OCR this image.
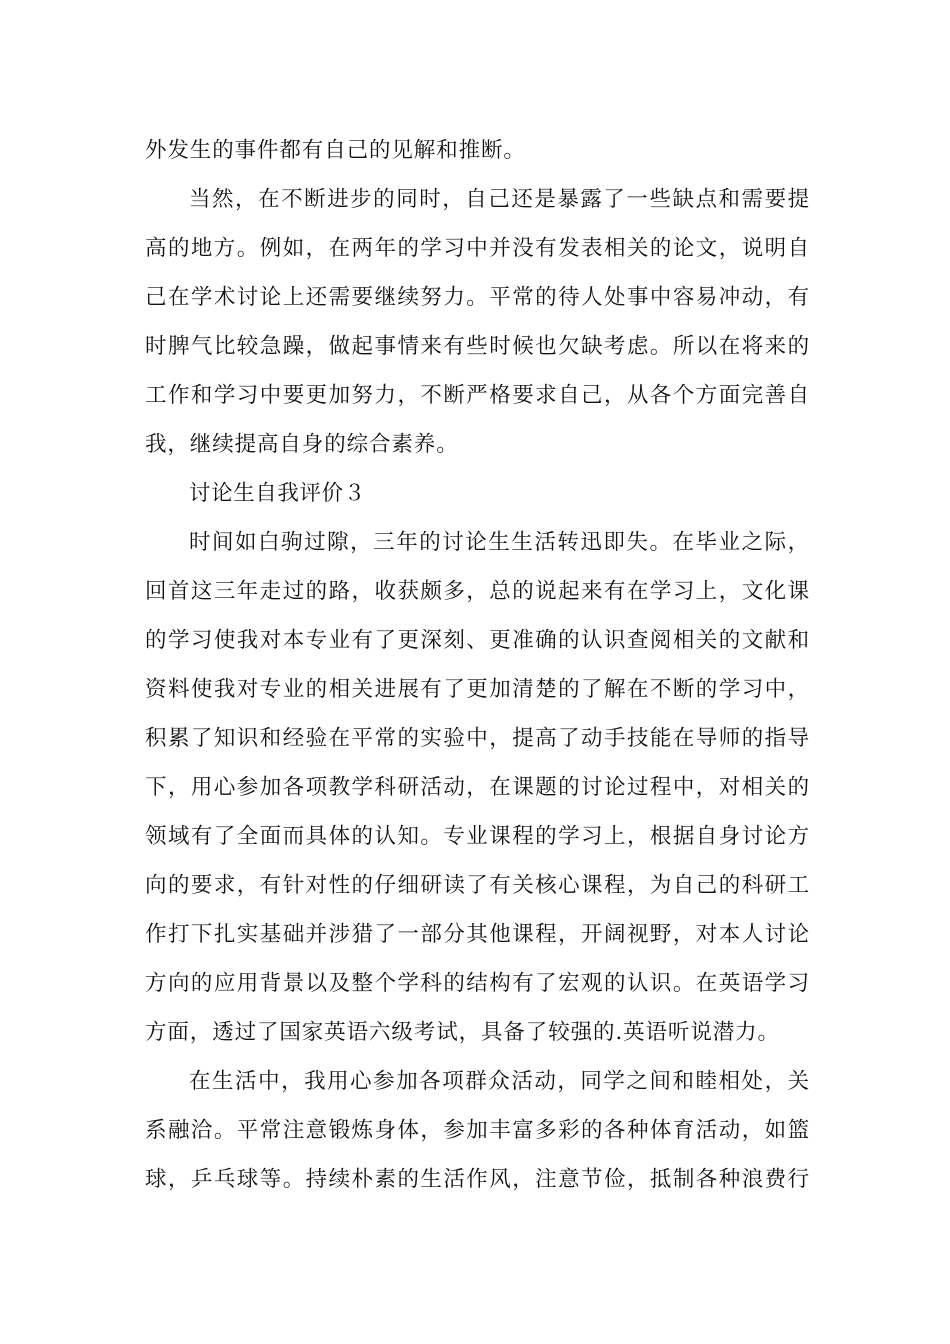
外发生的事件都有自己的见解和推断。
当然，在不断进步的同时，自己还是暴露了一些缺点和需要提
高的地方。例如，在两年的学习中并没有发表相关的论文，说明自
己在学术讨论上还需要继续努力。平常的待人处事中容易冲动，有
时脾气比较急躁，做起事情来有些时候也欠缺考虑。所以在将来的
工作和学习中要更加努力，不断严格要求自己，从各个方面完善自
我，继续提高自身的综合素养。
讨论生自我评价３
时间如白驹过隙，三年的讨论生生活转迅即失。在毕业之际，
回首这三年走过的路，收获颇多，总的说起来有在学习上，文化课
的学习使我对本专业有了更深刻、更准确的认识查阅相关的文献和
资料使我对专业的相关进展有了更加清楚的了解在不断的学习中，
积累了知识和经验在平常的实验中，提高了动手技能在导师的指导
下，用心参加各项教学科研活动，在课题的讨论过程中，对相关的
领域有了全面而具体的认知。专业课程的学习上，根据自身讨论方
向的要求，有针对性的仔细研读了有关核心课程，为自己的科研工
作打下扎实基础并涉猎了一部分其他课程，开阔视野，对本人讨论
方向的应用背景以及整个学科的结构有了宏观的认识。在英语学习
方面，透过了国家英语六级考试，具备了较强的.英语听说潜力。
在生活中，我用心参加各项群众活动，同学之间和睦相处，关
系融洽。平常注意锻炼身体，参加丰富多彩的各种体育活动，如篮
球，乒乓球等。持续朴素的生活作风，注意节俭，抵制各种浪费行
